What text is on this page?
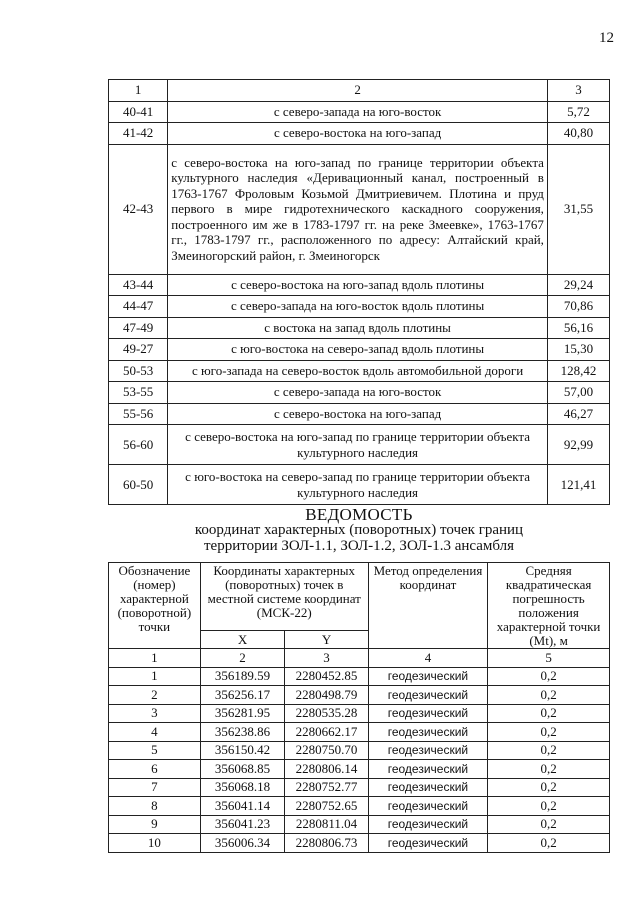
12
1	2	3
40-41	с северо-запада на юго-восток	5,72
41-42	с северо-востока на юго-запад	40,80
42-43	с северо-востока на юго-запад по границе территории объекта культурного наследия «Деривационный канал, построенный в 1763-1767 Фроловым Козьмой Дмитриевичем. Плотина и пруд первого в мире гидротехнического каскадного сооружения, построенного им же в 1783-1797 гг. на реке Змеевке», 1763-1767 гг., 1783-1797 гг., расположенного по адресу: Алтайский край, Змеиногорский район, г. Змеиногорск	31,55
43-44	с северо-востока на юго-запад вдоль плотины	29,24
44-47	с северо-запада на юго-восток вдоль плотины	70,86
47-49	с востока на запад вдоль плотины	56,16
49-27	с юго-востока на северо-запад вдоль плотины	15,30
50-53	с юго-запада на северо-восток вдоль автомобильной дороги	128,42
53-55	с северо-запада на юго-восток	57,00
55-56	с северо-востока на юго-запад	46,27
56-60	с северо-востока на юго-запад по границе территории объекта культурного наследия	92,99
60-50	с юго-востока на северо-запад по границе территории объекта культурного наследия	121,41
ВЕДОМОСТЬ
координат характерных (поворотных) точек границ
территории ЗОЛ-1.1, ЗОЛ-1.2, ЗОЛ-1.3 ансамбля
Обозначение (номер) характерной (поворотной) точки	Координаты характерных (поворотных) точек в местной системе координат (МСК-22)		Метод определения координат	Средняя квадратическая погрешность положения характерной точки (Mt), м
	X	Y		
1	2	3	4	5
1	356189.59	2280452.85	геодезический	0,2
2	356256.17	2280498.79	геодезический	0,2
3	356281.95	2280535.28	геодезический	0,2
4	356238.86	2280662.17	геодезический	0,2
5	356150.42	2280750.70	геодезический	0,2
6	356068.85	2280806.14	геодезический	0,2
7	356068.18	2280752.77	геодезический	0,2
8	356041.14	2280752.65	геодезический	0,2
9	356041.23	2280811.04	геодезический	0,2
10	356006.34	2280806.73	геодезический	0,2
